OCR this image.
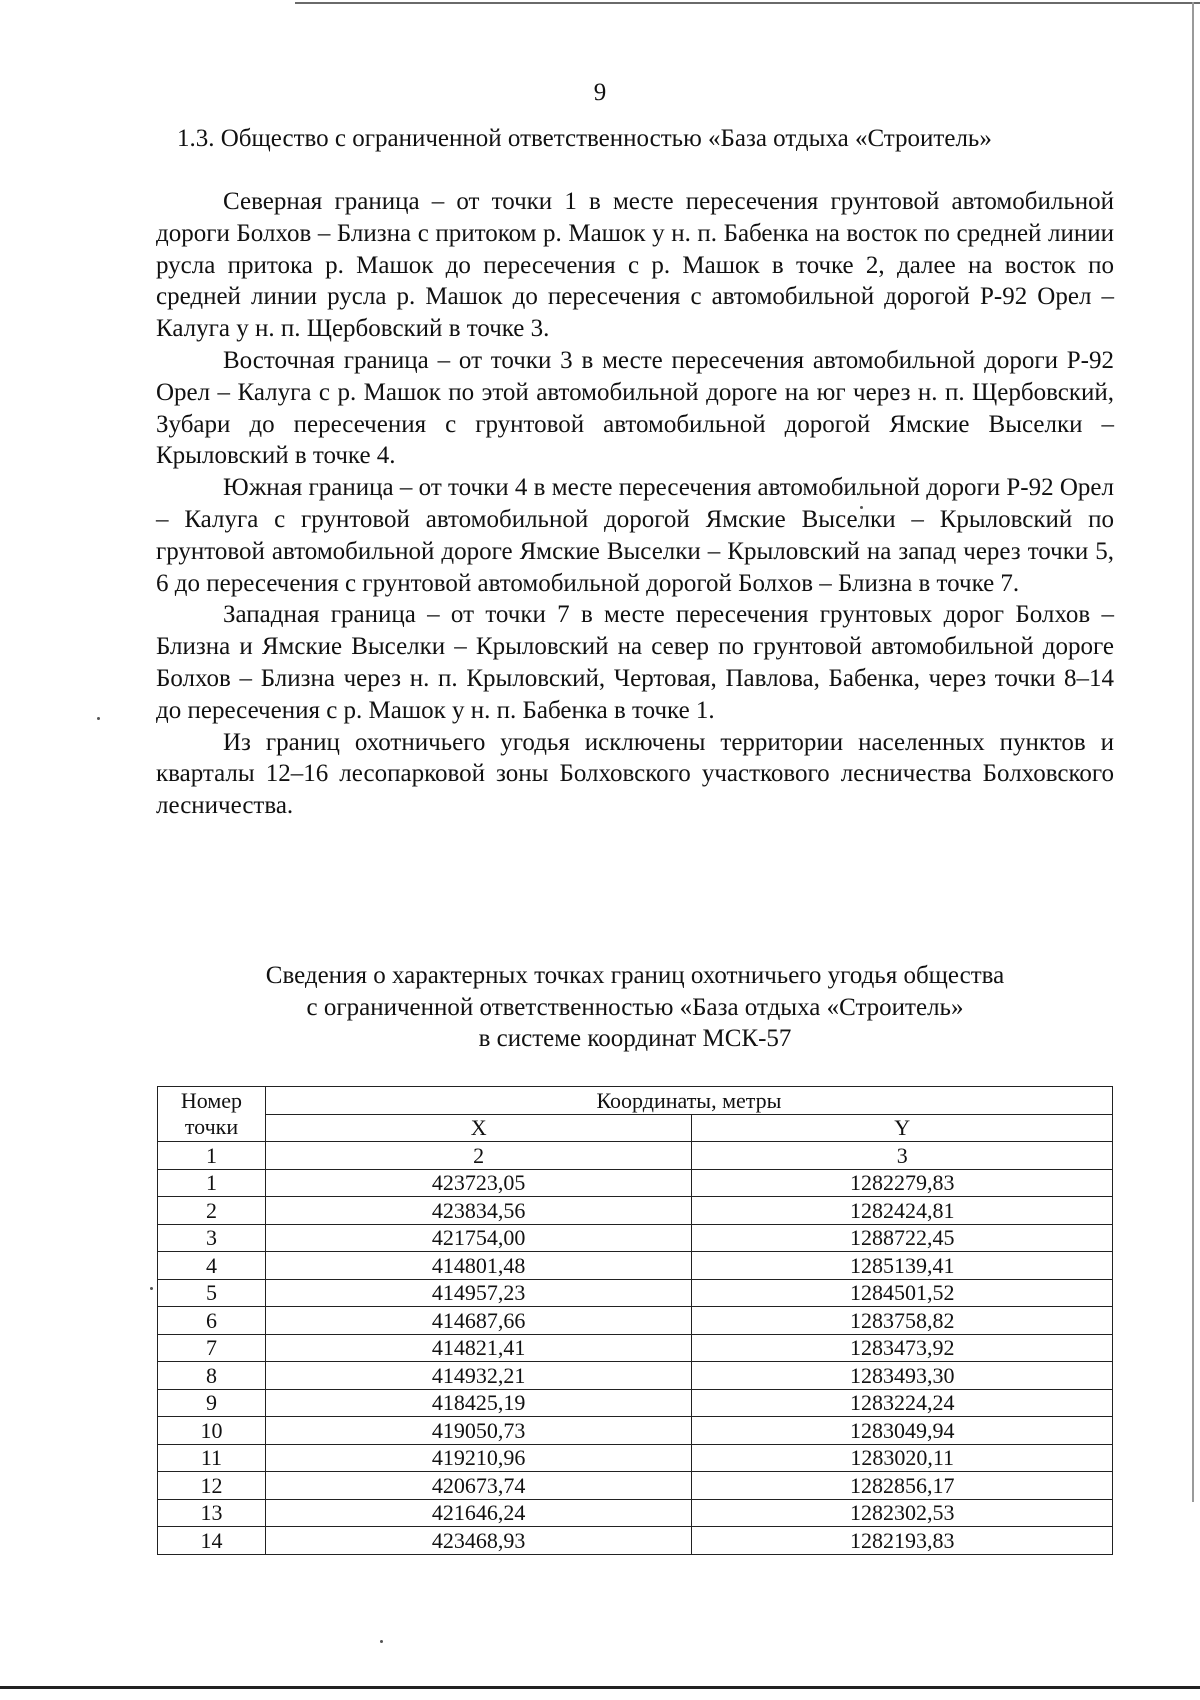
9
1.3. Общество с ограниченной ответственностью «База отдыха «Строитель»

Северная граница – от точки 1 в месте пересечения грунтовой автомобильной дороги Болхов – Близна с притоком р. Машок у н. п. Бабенка на восток по средней линии русла притока р. Машок до пересечения с р. Машок в точке 2, далее на восток по средней линии русла р. Машок до пересечения с автомобильной дорогой Р-92 Орел – Калуга у н. п. Щербовский в точке 3.

Восточная граница – от точки 3 в месте пересечения автомобильной дороги Р-92 Орел – Калуга с р. Машок по этой автомобильной дороге на юг через н. п. Щербовский, Зубари до пересечения с грунтовой автомобильной дорогой Ямские Выселки – Крыловский в точке 4.

Южная граница – от точки 4 в месте пересечения автомобильной дороги Р-92 Орел – Калуга с грунтовой автомобильной дорогой Ямские Выселки – Крыловский по грунтовой автомобильной дороге Ямские Выселки – Крыловский на запад через точки 5, 6 до пересечения с грунтовой автомобильной дорогой Болхов – Близна в точке 7.

Западная граница – от точки 7 в месте пересечения грунтовых дорог Болхов – Близна и Ямские Выселки – Крыловский на север по грунтовой автомобильной дороге Болхов – Близна через н. п. Крыловский, Чертовая, Павлова, Бабенка, через точки 8–14 до пересечения с р. Машок у н. п. Бабенка в точке 1.

Из границ охотничьего угодья исключены территории населенных пунктов и кварталы 12–16 лесопарковой зоны Болховского участкового лесничества Болховского лесничества.

Сведения о характерных точках границ охотничьего угодья общества
с ограниченной ответственностью «База отдыха «Строитель»
в системе координат МСК-57
Номер точки	Координаты, метры	
	X	Y
1	2	3
1	423723,05	1282279,83
2	423834,56	1282424,81
3	421754,00	1288722,45
4	414801,48	1285139,41
5	414957,23	1284501,52
6	414687,66	1283758,82
7	414821,41	1283473,92
8	414932,21	1283493,30
9	418425,19	1283224,24
10	419050,73	1283049,94
11	419210,96	1283020,11
12	420673,74	1282856,17
13	421646,24	1282302,53
14	423468,93	1282193,83
